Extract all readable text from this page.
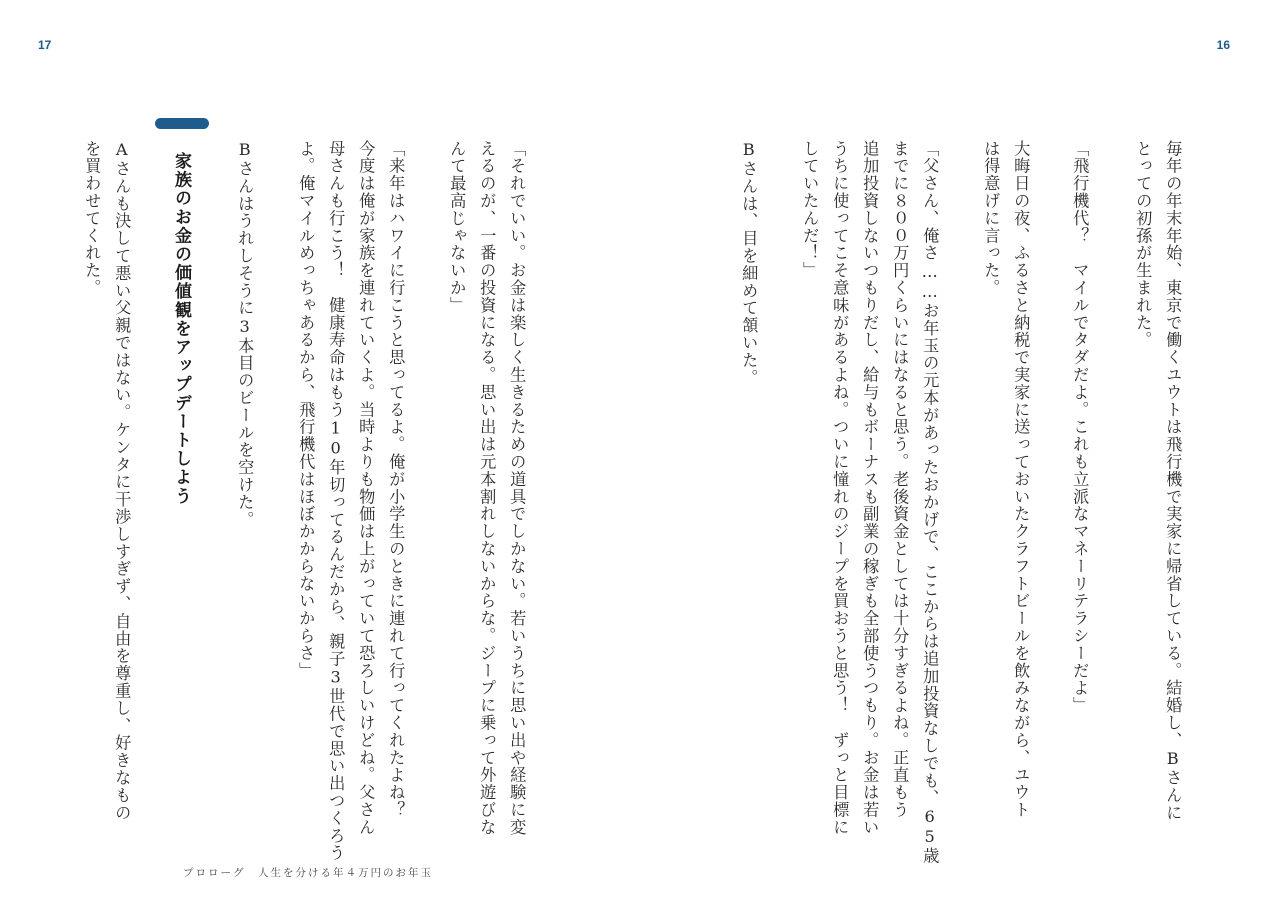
17	16
毎年の年末年始、東京で働くユウトは飛行機で実家に帰省している。結婚し、Bさんに
とっての初孫が生まれた。
「飛行機代？　マイルでタダだよ。これも立派なマネーリテラシーだよ」
大晦日の夜、ふるさと納税で実家に送っておいたクラフトビールを飲みながら、ユウト
は得意げに言った。
「父さん、俺さ……お年玉の元本があったおかげで、ここからは追加投資なしでも、65歳
までに８００万円くらいにはなると思う。老後資金としては十分すぎるよね。正直もう
追加投資しないつもりだし、給与もボーナスも副業の稼ぎも全部使うつもり。お金は若い
うちに使ってこそ意味があるよね。ついに憧れのジープを買おうと思う！　ずっと目標に
していたんだ！」
Bさんは、目を細めて頷いた。
「それでいい。お金は楽しく生きるための道具でしかない。若いうちに思い出や経験に変
えるのが、一番の投資になる。思い出は元本割れしないからな。ジープに乗って外遊びな
んて最高じゃないか」
「来年はハワイに行こうと思ってるよ。俺が小学生のときに連れて行ってくれたよね？
今度は俺が家族を連れていくよ。当時よりも物価は上がっていて恐ろしいけどね。父さん
母さんも行こう！　健康寿命はもう10年切ってるんだから、親子3世代で思い出つくろう
よ。俺マイルめっちゃあるから、飛行機代はほぼかからないからさ」
Bさんはうれしそうに3本目のビールを空けた。
家族のお金の価値観をアップデートしよう
Aさんも決して悪い父親ではない。ケンタに干渉しすぎず、自由を尊重し、好きなもの
を買わせてくれた。
プロローグ　人生を分ける年４万円のお年玉
